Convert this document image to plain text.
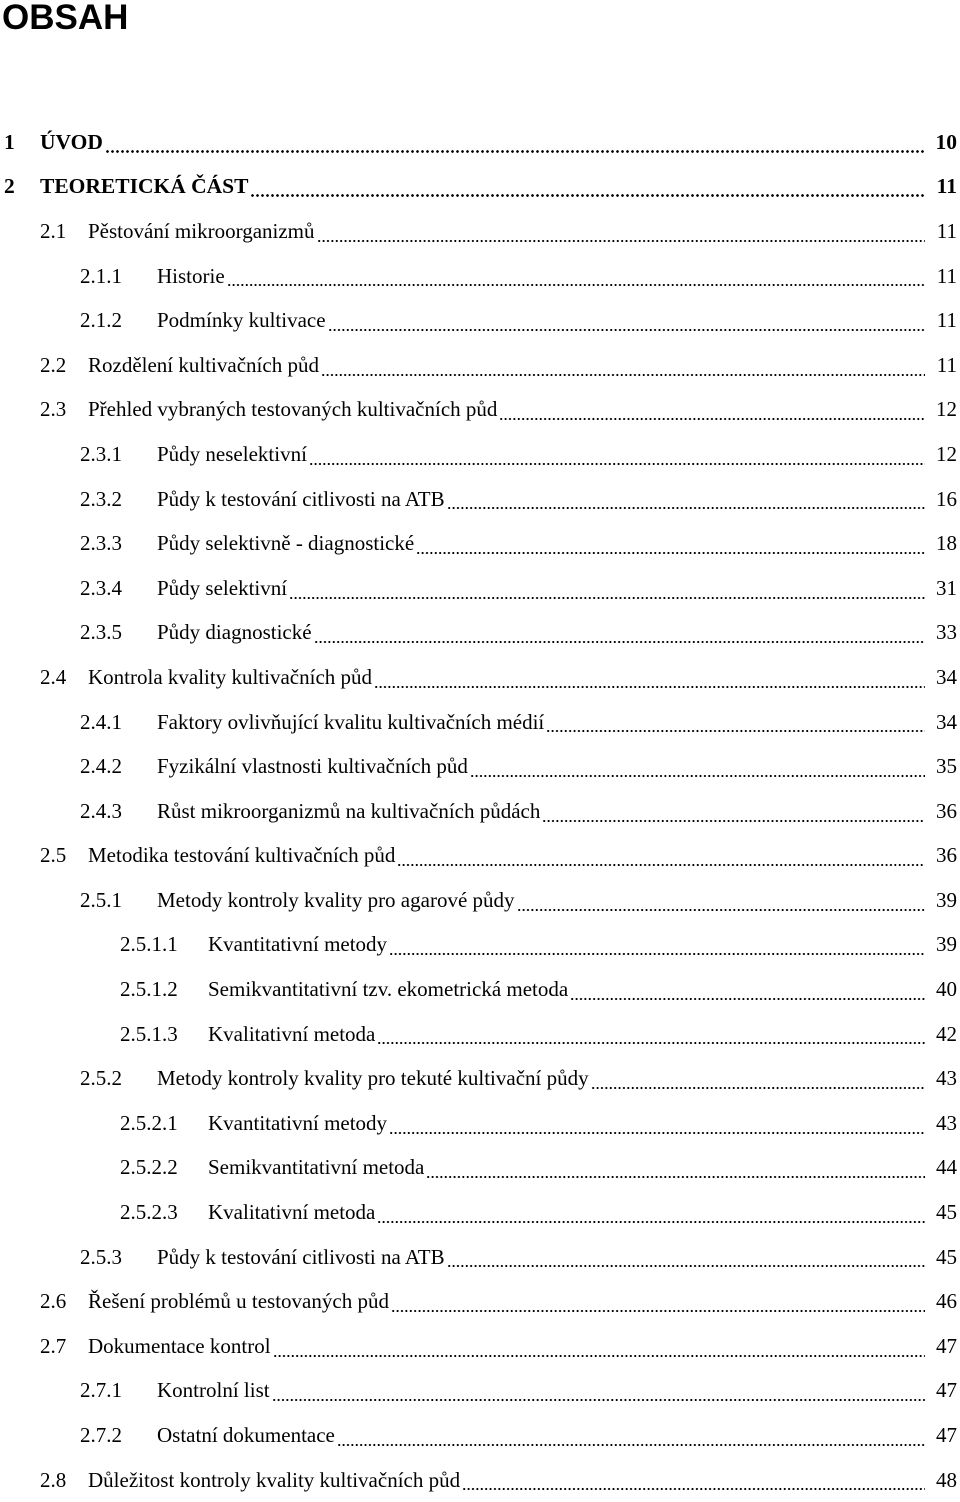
OBSAH
1	ÚVOD	10
2	TEORETICKÁ ČÁST	11
2.1	Pěstování mikroorganizmů	11
2.1.1	Historie	11
2.1.2	Podmínky kultivace	11
2.2	Rozdělení kultivačních půd	11
2.3	Přehled vybraných testovaných kultivačních půd	12
2.3.1	Půdy neselektivní	12
2.3.2	Půdy k testování citlivosti na ATB	16
2.3.3	Půdy selektivně - diagnostické	18
2.3.4	Půdy selektivní	31
2.3.5	Půdy diagnostické	33
2.4	Kontrola kvality kultivačních půd	34
2.4.1	Faktory ovlivňující kvalitu kultivačních médií	34
2.4.2	Fyzikální vlastnosti kultivačních půd	35
2.4.3	Růst mikroorganizmů na kultivačních půdách	36
2.5	Metodika testování kultivačních půd	36
2.5.1	Metody kontroly kvality pro agarové půdy	39
2.5.1.1	Kvantitativní metody	39
2.5.1.2	Semikvantitativní tzv. ekometrická metoda	40
2.5.1.3	Kvalitativní metoda	42
2.5.2	Metody kontroly kvality pro tekuté kultivační půdy	43
2.5.2.1	Kvantitativní metody	43
2.5.2.2	Semikvantitativní metoda	44
2.5.2.3	Kvalitativní metoda	45
2.5.3	Půdy k testování citlivosti na ATB	45
2.6	Řešení problémů u testovaných půd	46
2.7	Dokumentace kontrol	47
2.7.1	Kontrolní list	47
2.7.2	Ostatní dokumentace	47
2.8	Důležitost kontroly kvality kultivačních půd	48
